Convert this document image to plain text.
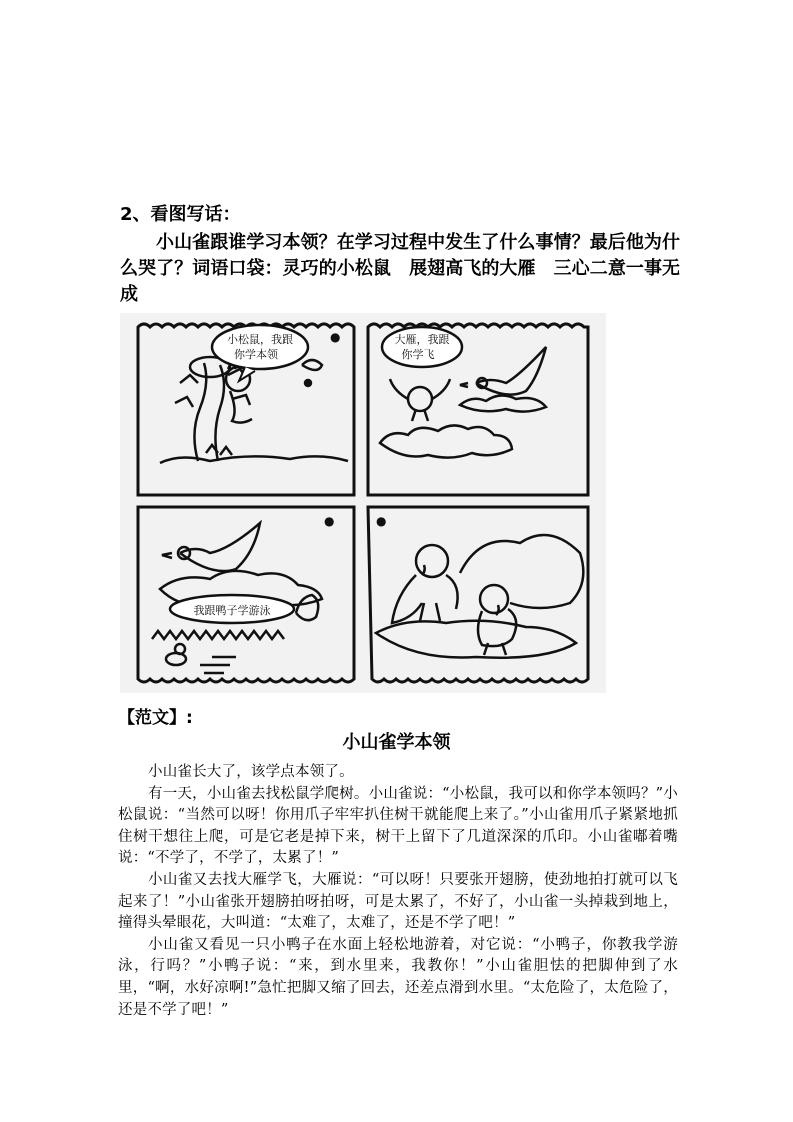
2、看图写话：
小山雀跟谁学习本领？在学习过程中发生了什么事情？最后他为什么哭了？词语口袋：灵巧的小松鼠 展翅高飞的大雁 三心二意一事无成
小松鼠，我跟
你学本领
●	大雁，我跟
你学飞
我跟鸭子学游泳
●	●
【范文】:
小山雀学本领

小山雀长大了，该学点本领了。

有一天，小山雀去找松鼠学爬树。小山雀说：“小松鼠，我可以和你学本领吗？”小松鼠说：“当然可以呀！你用爪子牢牢扒住树干就能爬上来了。”小山雀用爪子紧紧地抓住树干想往上爬，可是它老是掉下来，树干上留下了几道深深的爪印。小山雀嘟着嘴说：“不学了，不学了，太累了！”

小山雀又去找大雁学飞，大雁说：“可以呀！只要张开翅膀，使劲地拍打就可以飞起来了！”小山雀张开翅膀拍呀拍呀，可是太累了，不好了，小山雀一头掉栽到地上，撞得头晕眼花，大叫道：“太难了，太难了，还是不学了吧！”

小山雀又看见一只小鸭子在水面上轻松地游着，对它说：“小鸭子，你教我学游泳，行吗？”小鸭子说：“来，到水里来，我教你！”小山雀胆怯的把脚伸到了水里，“啊，水好凉啊!”急忙把脚又缩了回去，还差点滑到水里。“太危险了，太危险了，还是不学了吧！”
